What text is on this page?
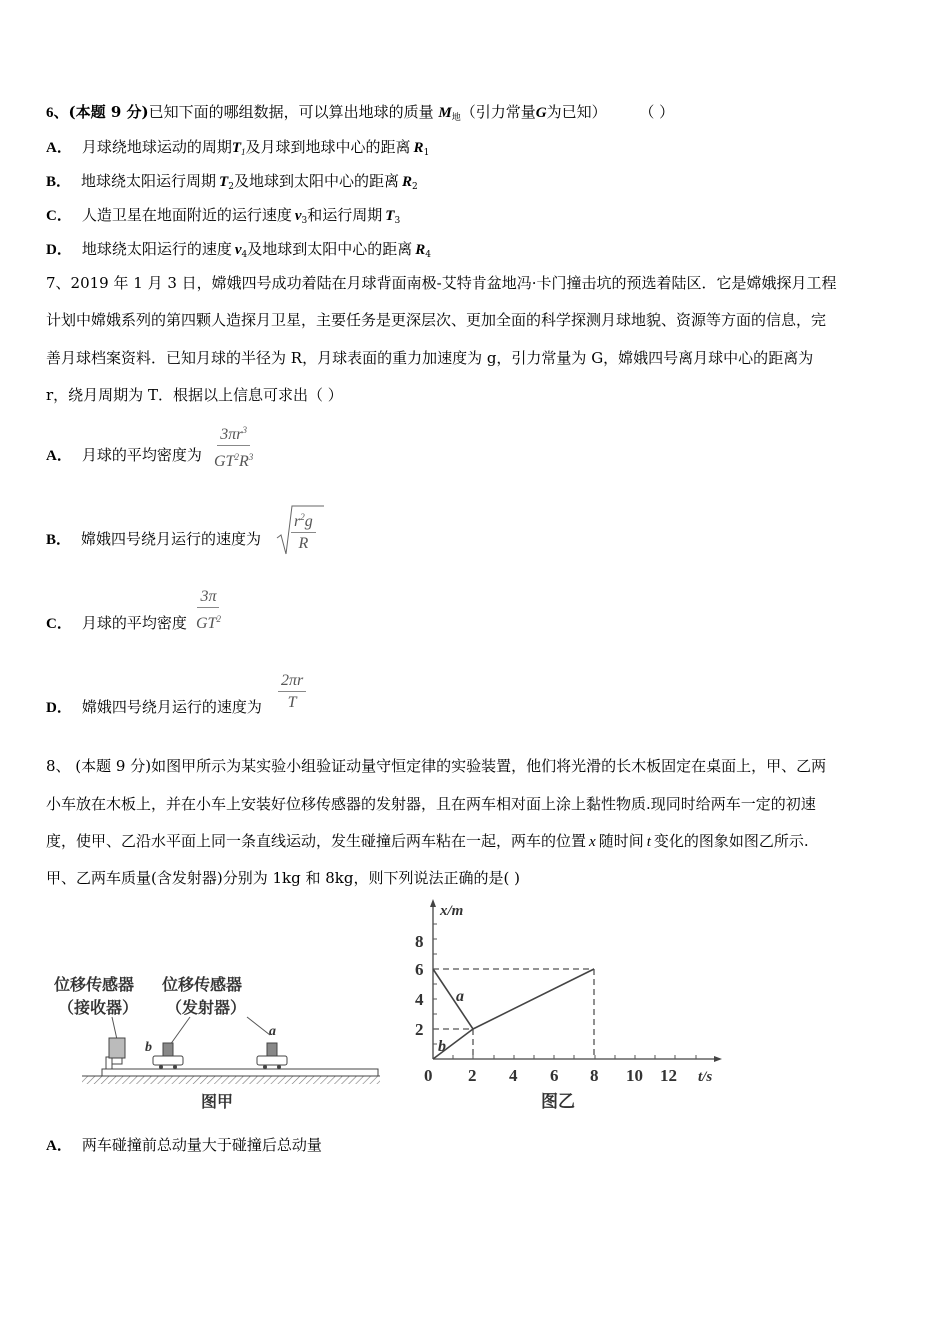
6、(本题 9 分)已知下面的哪组数据，可以算出地球的质量 $M_地$（引力常量G为已知） （ ）
A． 月球绕地球运动的周期$T_1$及月球到地球中心的距离 $R_1$
B． 地球绕太阳运行周期 $T_2$及地球到太阳中心的距离 $R_2$
C． 人造卫星在地面附近的运行速度 $v_3$和运行周期 $T_3$
D． 地球绕太阳运行的速度 $v_4$及地球到太阳中心的距离 $R_4$
7、2019 年 1 月 3 日，嫦娥四号成功着陆在月球背面南极-艾特肯盆地冯·卡门撞击坑的预选着陆区．它是嫦娥探月工程
计划中嫦娥系列的第四颗人造探月卫星，主要任务是更深层次、更加全面的科学探测月球地貌、资源等方面的信息，完
善月球档案资料．已知月球的半径为 R，月球表面的重力加速度为 g，引力常量为 G，嫦娥四号离月球中心的距离为
r，绕月周期为 T．根据以上信息可求出（ ）
A． 月球的平均密度为 $\frac{3\pi r^3}{GT^2R^3}$
B． 嫦娥四号绕月运行的速度为 $\frac{r^2g}{R}$
C． 月球的平均密度 $\frac{3\pi}{GT^2}$
D． 嫦娥四号绕月运行的速度为 $\frac{2\pi r}{T}$
8、 (本题 9 分)如图甲所示为某实验小组验证动量守恒定律的实验装置，他们将光滑的长木板固定在桌面上，甲、乙两
小车放在木板上，并在小车上安装好位移传感器的发射器，且在两车相对面上涂上黏性物质.现同时给两车一定的初速
度，使甲、乙沿水平面上同一条直线运动，发生碰撞后两车粘在一起，两车的位置 x 随时间 t 变化的图象如图乙所示.
甲、乙两车质量(含发射器)分别为 1kg 和 8kg，则下列说法正确的是( )
位移传感器
（接收器）
位移传感器
（发射器）
b
a
图甲
x/m
8
6
4
2
0 2 4 6 8 10 12 t/s
a
b
图乙
A． 两车碰撞前总动量大于碰撞后总动量
